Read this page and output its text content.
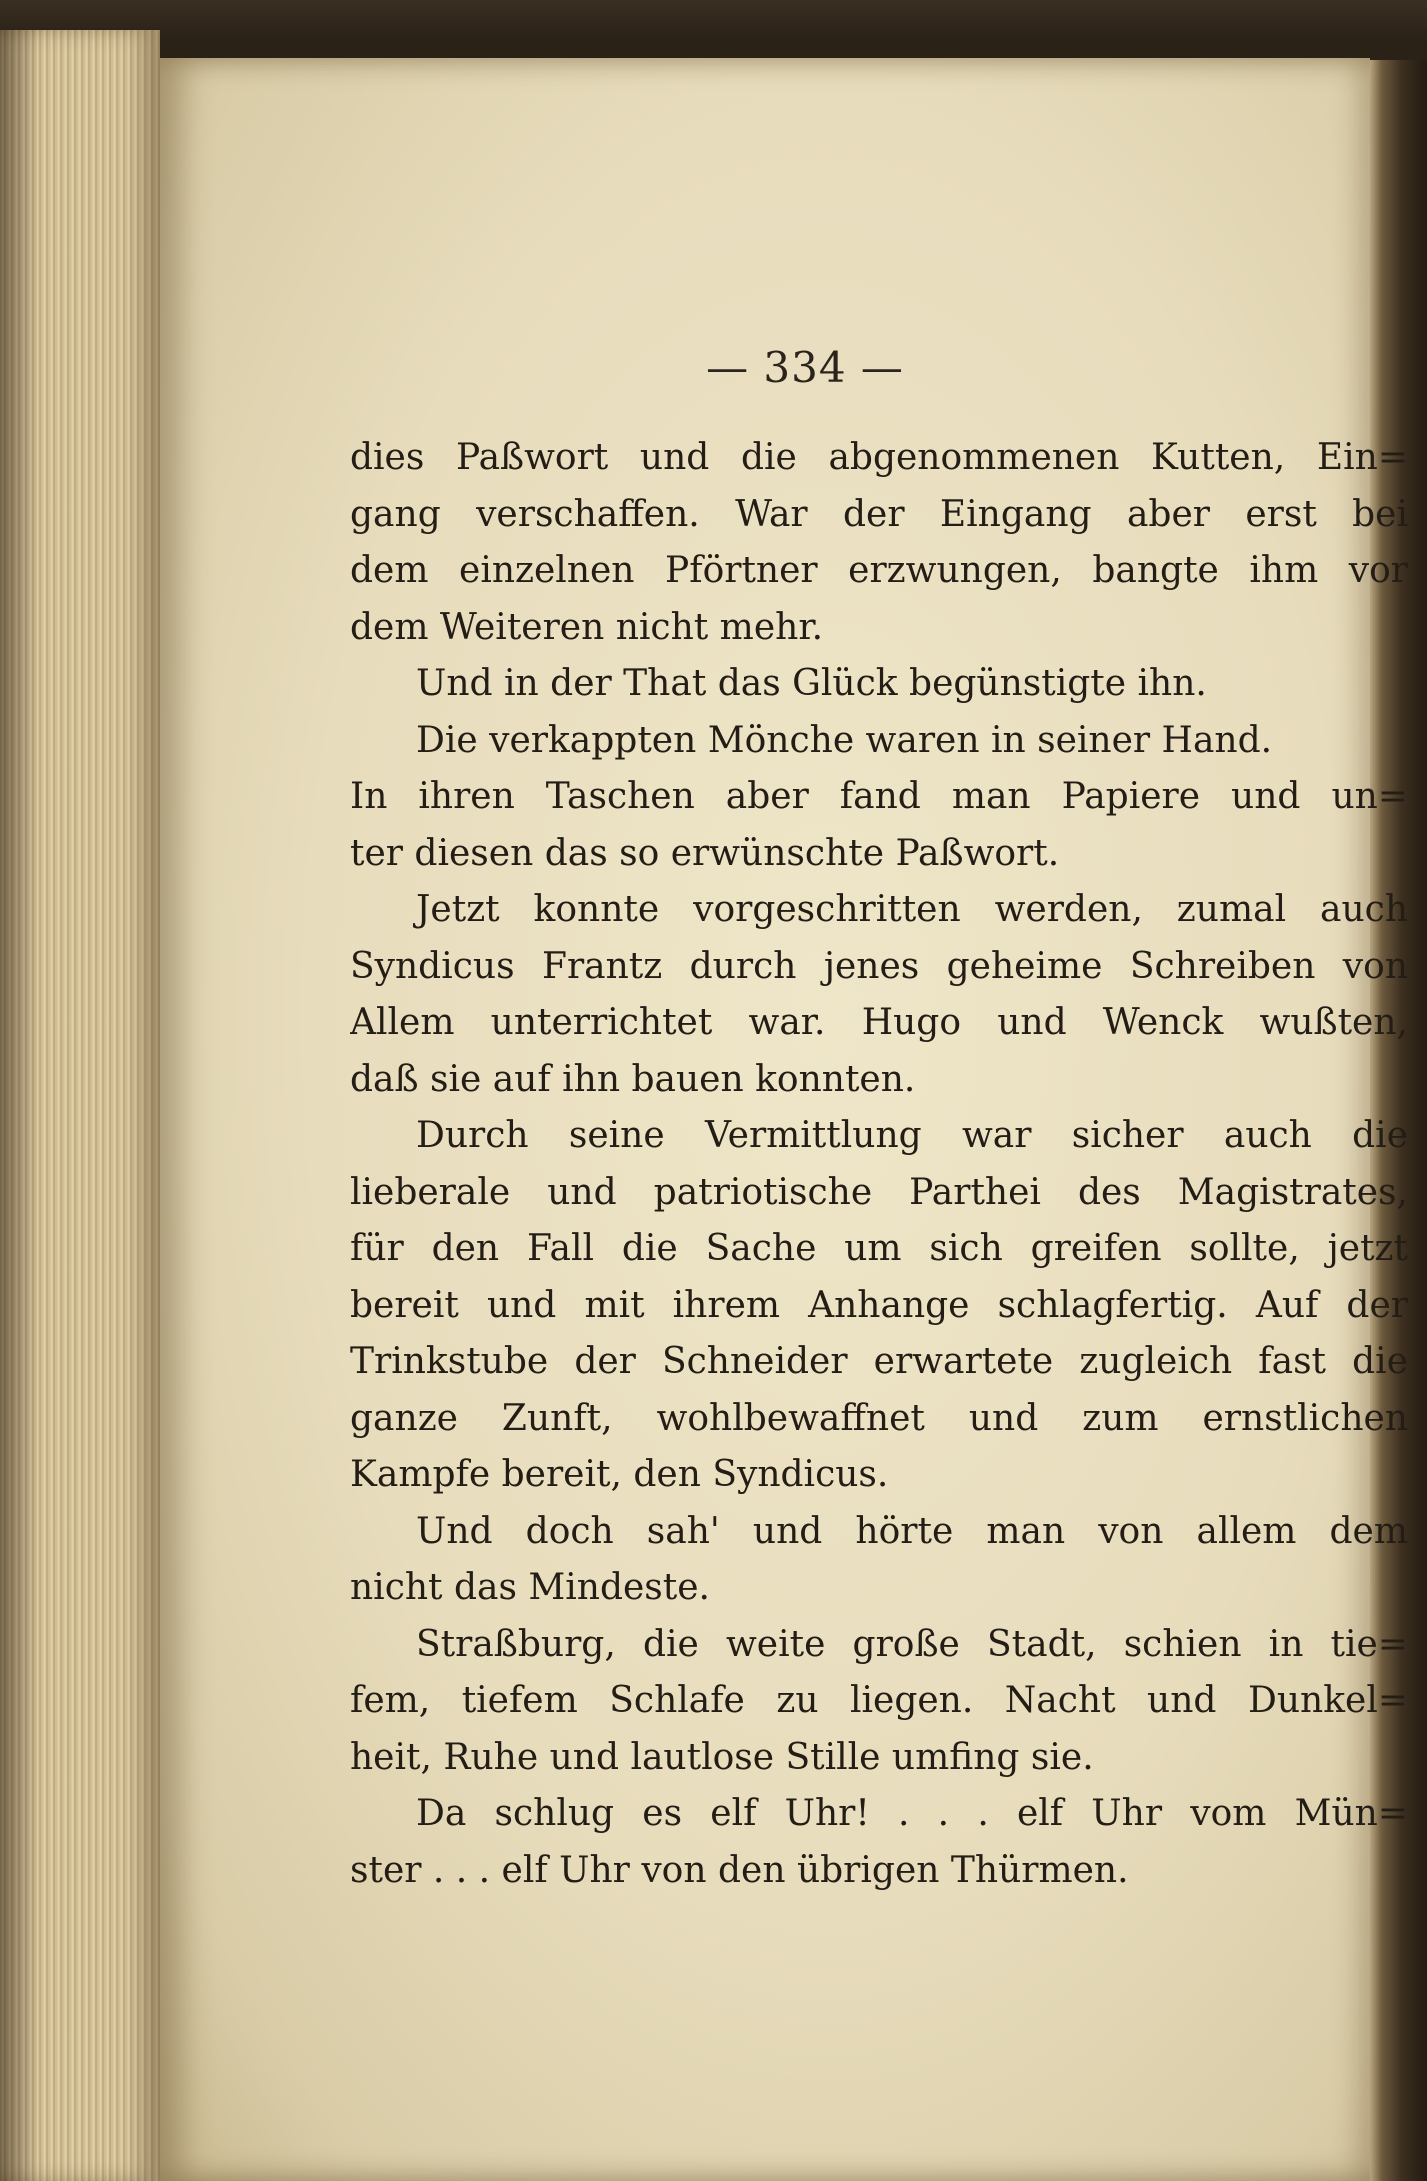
— 334 —
dies Paßwort und die abgenommenen Kutten, Ein=
gang verschaffen. War der Eingang aber erst bei
dem einzelnen Pförtner erzwungen, bangte ihm vor
dem Weiteren nicht mehr.
Und in der That das Glück begünstigte ihn.
Die verkappten Mönche waren in seiner Hand.
In ihren Taschen aber fand man Papiere und un=
ter diesen das so erwünschte Paßwort.
Jetzt konnte vorgeschritten werden, zumal auch
Syndicus Frantz durch jenes geheime Schreiben von
Allem unterrichtet war. Hugo und Wenck wußten,
daß sie auf ihn bauen konnten.
Durch seine Vermittlung war sicher auch die
lieberale und patriotische Parthei des Magistrates,
für den Fall die Sache um sich greifen sollte, jetzt
bereit und mit ihrem Anhange schlagfertig. Auf der
Trinkstube der Schneider erwartete zugleich fast die
ganze Zunft, wohlbewaffnet und zum ernstlichen
Kampfe bereit, den Syndicus.
Und doch sah' und hörte man von allem dem
nicht das Mindeste.
Straßburg, die weite große Stadt, schien in tie=
fem, tiefem Schlafe zu liegen. Nacht und Dunkel=
heit, Ruhe und lautlose Stille umfing sie.
Da schlug es elf Uhr! . . . elf Uhr vom Mün=
ster . . . elf Uhr von den übrigen Thürmen.
